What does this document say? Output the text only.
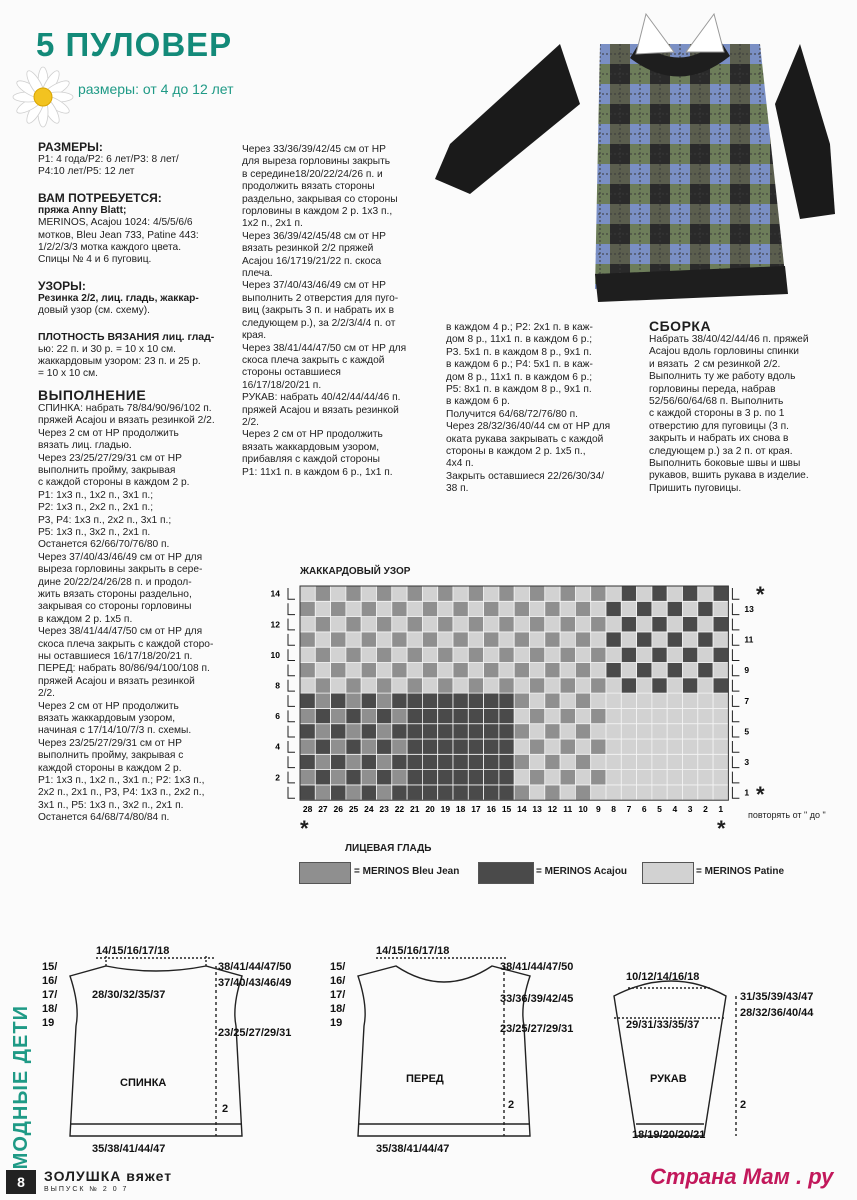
5 ПУЛОВЕР
размеры: от 4 до 12 лет
РАЗМЕРЫ:
Р1: 4 года/Р2: 6 лет/Р3: 8 лет/
Р4:10 лет/Р5: 12 лет
ВАМ ПОТРЕБУЕТСЯ:
пряжа Anny Blatt;
MERINOS, Acajou 1024: 4/5/5/6/6
мотков, Bleu Jean 733, Patine 443:
1/2/2/3/3 мотка каждого цвета.
Спицы № 4 и 6 пуговиц.
УЗОРЫ:
Резинка 2/2, лиц. гладь, жаккар-
довый узор (см. схему).
ПЛОТНОСТЬ ВЯЗАНИЯ лиц. глад-
ью: 22 п. и 30 р. = 10 х 10 см.
жаккардовым узором: 23 п. и 25 р.
= 10 х 10 см.
ВЫПОЛНЕНИЕ
СПИНКА: набрать 78/84/90/96/102 п.
пряжей Acajou и вязать резинкой 2/2.
Через 2 см от НР продолжить
вязать лиц. гладью.
Через 23/25/27/29/31 см от НР
выполнить пройму, закрывая
с каждой стороны в каждом 2 р.
Р1: 1х3 п., 1х2 п., 3х1 п.;
Р2: 1х3 п., 2х2 п., 2х1 п.;
Р3, Р4: 1х3 п., 2х2 п., 3х1 п.;
Р5: 1х3 п., 3х2 п., 2х1 п.
Останется 62/66/70/76/80 п.
Через 37/40/43/46/49 см от НР для
выреза горловины закрыть в сере-
дине 20/22/24/26/28 п. и продол-
жить вязать стороны раздельно,
закрывая со стороны горловины
в каждом 2 р. 1х5 п.
Через 38/41/44/47/50 см от НР для
скоса плеча закрыть с каждой сторо-
ны оставшиеся 16/17/18/20/21 п.
ПЕРЕД: набрать 80/86/94/100/108 п.
пряжей Acajou и вязать резинкой
2/2.
Через 2 см от НР продолжить
вязать жаккардовым узором,
начиная с 17/14/10/7/3 п. схемы.
Через 23/25/27/29/31 см от НР
выполнить пройму, закрывая с
каждой стороны в каждом 2 р.
Р1: 1х3 п., 1х2 п., 3х1 п.; Р2: 1х3 п.,
2х2 п., 2х1 п., Р3, Р4: 1х3 п., 2х2 п.,
3х1 п., Р5: 1х3 п., 3х2 п., 2х1 п.
Останется 64/68/74/80/84 п.
Через 33/36/39/42/45 см от НР
для выреза горловины закрыть
в середине18/20/22/24/26 п. и
продолжить вязать стороны
раздельно, закрывая со стороны
горловины в каждом 2 р. 1х3 п.,
1х2 п., 2х1 п.
Через 36/39/42/45/48 см от НР
вязать резинкой 2/2 пряжей
Acajou 16/1719/21/22 п. скоса
плеча.
Через 37/40/43/46/49 см от НР
выполнить 2 отверстия для пуго-
виц (закрыть 3 п. и набрать их в
следующем р.), за 2/2/3/4/4 п. от
края.
Через 38/41/44/47/50 см от НР для
скоса плеча закрыть с каждой
стороны оставшиеся
16/17/18/20/21 п.
РУКАВ: набрать 40/42/44/44/46 п.
пряжей Acajou и вязать резинкой
2/2.
Через 2 см от НР продолжить
вязать жаккардовым узором,
прибавляя с каждой стороны
Р1: 11х1 п. в каждом 6 р., 1х1 п.
в каждом 4 р.; Р2: 2х1 п. в каж-
дом 8 р., 11х1 п. в каждом 6 р.;
Р3. 5х1 п. в каждом 8 р., 9х1 п.
в каждом 6 р.; Р4: 5х1 п. в каж-
дом 8 р., 11х1 п. в каждом 6 р.;
Р5: 8х1 п. в каждом 8 р., 9х1 п.
в каждом 6 р.
Получится 64/68/72/76/80 п.
Через 28/32/36/40/44 см от НР для
оката рукава закрывать с каждой
стороны в каждом 2 р. 1х5 п.,
4х4 п.
Закрыть оставшиеся 22/26/30/34/
38 п.
СБОРКА
Набрать 38/40/42/44/46 п. пряжей
Acajou вдоль горловины спинки
и вязать  2 см резинкой 2/2.
Выполнить ту же работу вдоль
горловины переда, набрав
52/56/60/64/68 п. Выполнить
с каждой стороны в 3 р. по 1
отверстию для пуговицы (3 п.
закрыть и набрать их снова в
следующем р.) за 2 п. от края.
Выполнить боковые швы и швы
рукавов, вшить рукава в изделие.
Пришить пуговицы.
ЖАККАРДОВЫЙ УЗОР
28 27 26 25 24 23 22 21 20 19 18 17 16 15 14 13 12 11 10 9 8 7 6 5 4 3 2 1
2
4
6
8
10
12
14
1
3
5
7
9
11
13
повторять от " до "
*
*
*	*
ЛИЦЕВАЯ ГЛАДЬ
= MERINOS Bleu Jean	= MERINOS Acajou	= MERINOS Patine
14/15/16/17/18
28/30/32/35/37
15/
16/
17/
18/
19
38/41/44/47/50
37/40/43/46/49
23/25/27/29/31
2
СПИНКА
35/38/41/44/47
14/15/16/17/18
15/
16/
17/
18/
19
38/41/44/47/50
33/36/39/42/45
23/25/27/29/31
2
ПЕРЕД
35/38/41/44/47
10/12/14/16/18
29/31/33/35/37
31/35/39/43/47
28/32/36/40/44
2
РУКАВ
18/19/20/20/21
МОДНЫЕ ДЕТИ
8	ЗОЛУШКА вяжет
ВЫПУСК № 2 0 7
Страна Мам . ру
